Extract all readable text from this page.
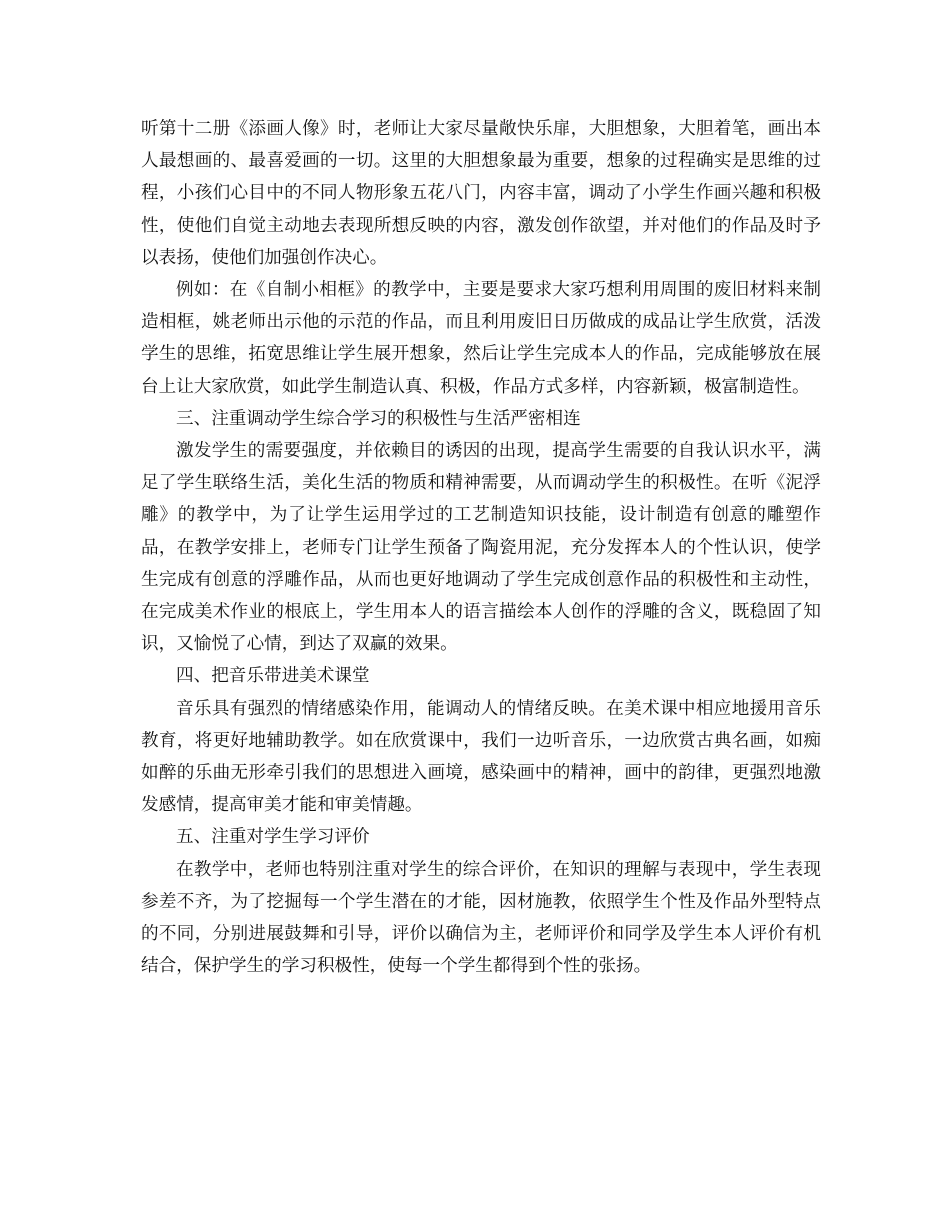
听第十二册《添画人像》时，老师让大家尽量敞快乐扉，大胆想象，大胆着笔，画出本人最想画的、最喜爱画的一切。这里的大胆想象最为重要，想象的过程确实是思维的过程，小孩们心目中的不同人物形象五花八门，内容丰富，调动了小学生作画兴趣和积极性，使他们自觉主动地去表现所想反映的内容，激发创作欲望，并对他们的作品及时予以表扬，使他们加强创作决心。

例如：在《自制小相框》的教学中，主要是要求大家巧想利用周围的废旧材料来制造相框，姚老师出示他的示范的作品，而且利用废旧日历做成的成品让学生欣赏，活泼学生的思维，拓宽思维让学生展开想象，然后让学生完成本人的作品，完成能够放在展台上让大家欣赏，如此学生制造认真、积极，作品方式多样，内容新颖，极富制造性。

三、注重调动学生综合学习的积极性与生活严密相连

激发学生的需要强度，并依赖目的诱因的出现，提高学生需要的自我认识水平，满足了学生联络生活，美化生活的物质和精神需要，从而调动学生的积极性。在听《泥浮雕》的教学中，为了让学生运用学过的工艺制造知识技能，设计制造有创意的雕塑作品，在教学安排上，老师专门让学生预备了陶瓷用泥，充分发挥本人的个性认识，使学生完成有创意的浮雕作品，从而也更好地调动了学生完成创意作品的积极性和主动性，在完成美术作业的根底上，学生用本人的语言描绘本人创作的浮雕的含义，既稳固了知识，又愉悦了心情，到达了双赢的效果。

四、把音乐带进美术课堂

音乐具有强烈的情绪感染作用，能调动人的情绪反映。在美术课中相应地援用音乐教育，将更好地辅助教学。如在欣赏课中，我们一边听音乐，一边欣赏古典名画，如痴如醉的乐曲无形牵引我们的思想进入画境，感染画中的精神，画中的韵律，更强烈地激发感情，提高审美才能和审美情趣。

五、注重对学生学习评价

在教学中，老师也特别注重对学生的综合评价，在知识的理解与表现中，学生表现参差不齐，为了挖掘每一个学生潜在的才能，因材施教，依照学生个性及作品外型特点的不同，分别进展鼓舞和引导，评价以确信为主，老师评价和同学及学生本人评价有机结合，保护学生的学习积极性，使每一个学生都得到个性的张扬。
